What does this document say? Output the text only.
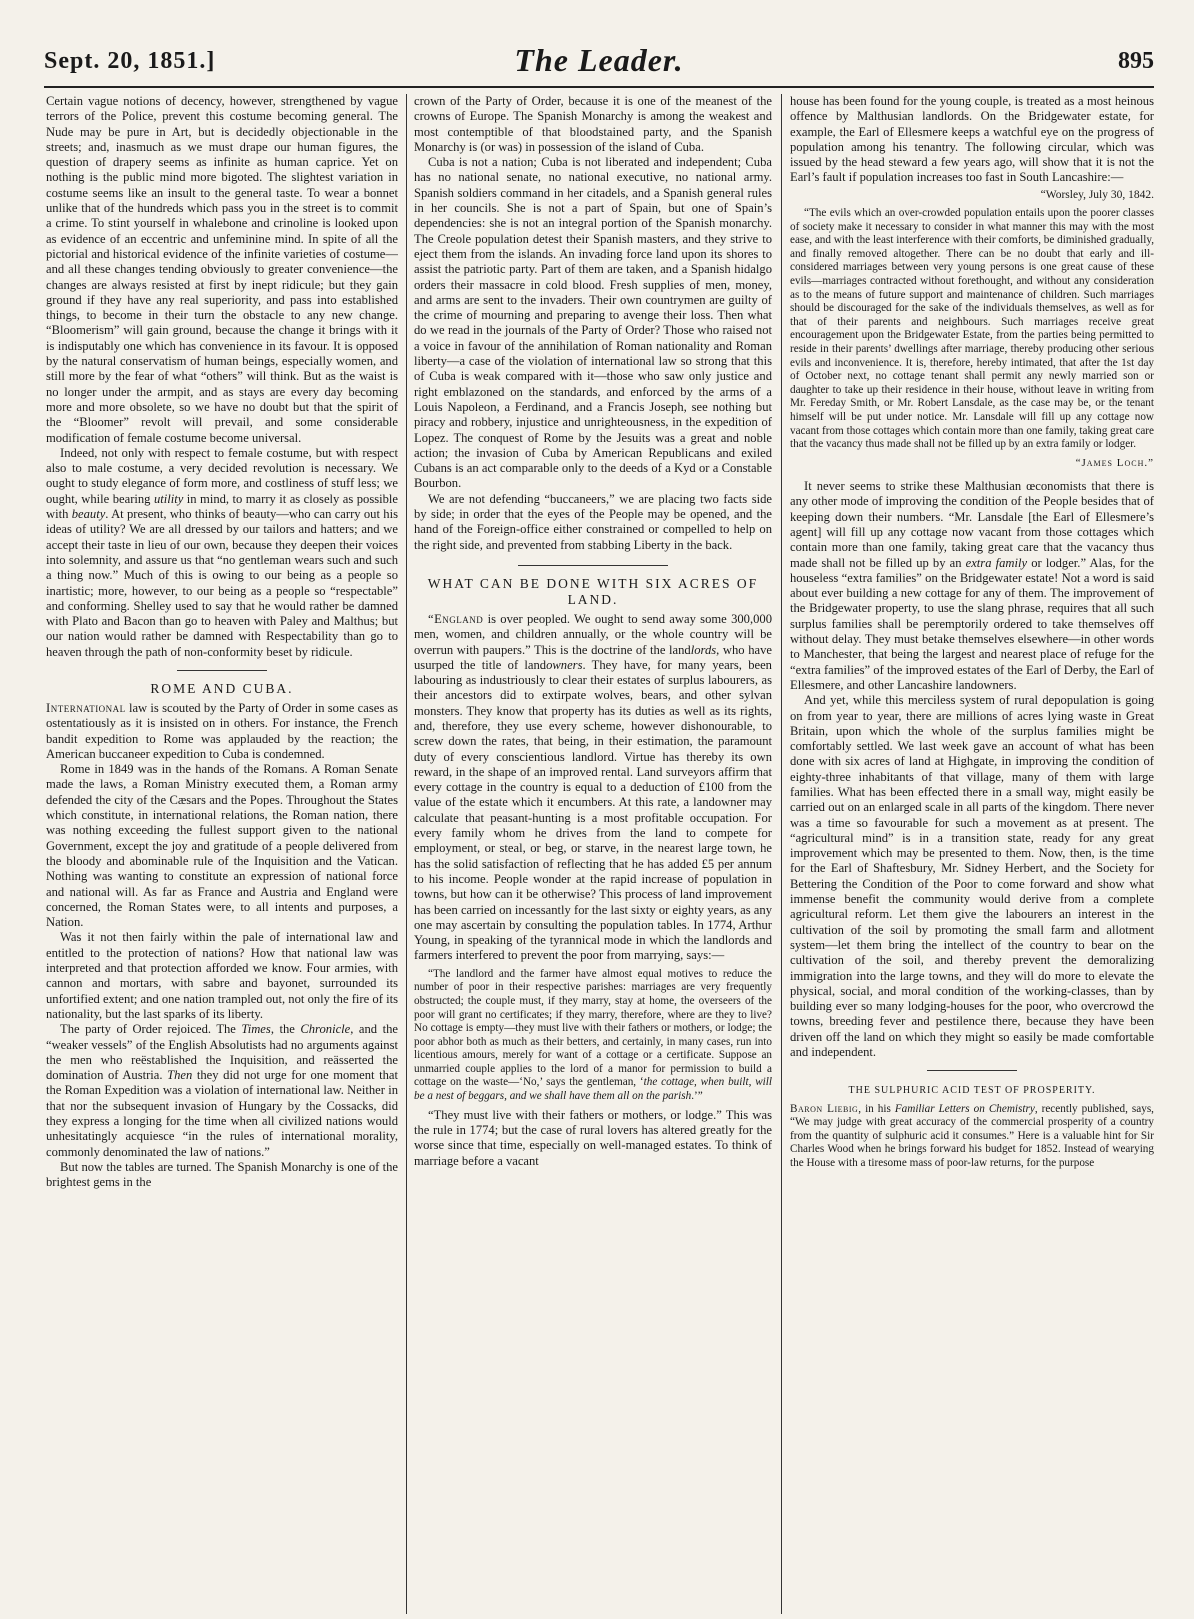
Sept. 20, 1851.]	The Leader.	895

Certain vague notions of decency, however, strengthened by vague terrors of the Police, prevent this costume becoming general. The Nude may be pure in Art, but is decidedly objectionable in the streets; and, inasmuch as we must drape our human figures, the question of drapery seems as infinite as human caprice. Yet on nothing is the public mind more bigoted. The slightest variation in costume seems like an insult to the general taste. To wear a bonnet unlike that of the hundreds which pass you in the street is to commit a crime. To stint yourself in whalebone and crinoline is looked upon as evidence of an eccentric and unfeminine mind. In spite of all the pictorial and historical evidence of the infinite varieties of costume—and all these changes tending obviously to greater convenience—the changes are always resisted at first by inept ridicule; but they gain ground if they have any real superiority, and pass into established things, to become in their turn the obstacle to any new change. “Bloomerism” will gain ground, because the change it brings with it is indisputably one which has convenience in its favour. It is opposed by the natural conservatism of human beings, especially women, and still more by the fear of what “others” will think. But as the waist is no longer under the armpit, and as stays are every day becoming more and more obsolete, so we have no doubt but that the spirit of the “Bloomer” revolt will prevail, and some considerable modification of female costume become universal.

Indeed, not only with respect to female costume, but with respect also to male costume, a very decided revolution is necessary. We ought to study elegance of form more, and costliness of stuff less; we ought, while bearing utility in mind, to marry it as closely as possible with beauty. At present, who thinks of beauty—who can carry out his ideas of utility? We are all dressed by our tailors and hatters; and we accept their taste in lieu of our own, because they deepen their voices into solemnity, and assure us that “no gentleman wears such and such a thing now.” Much of this is owing to our being as a people so inartistic; more, however, to our being as a people so “respectable” and conforming. Shelley used to say that he would rather be damned with Plato and Bacon than go to heaven with Paley and Malthus; but our nation would rather be damned with Respectability than go to heaven through the path of non-conformity beset by ridicule.

ROME AND CUBA.

International law is scouted by the Party of Order in some cases as ostentatiously as it is insisted on in others. For instance, the French bandit expedition to Rome was applauded by the reaction; the American buccaneer expedition to Cuba is condemned.

Rome in 1849 was in the hands of the Romans. A Roman Senate made the laws, a Roman Ministry executed them, a Roman army defended the city of the Cæsars and the Popes. Throughout the States which constitute, in international relations, the Roman nation, there was nothing exceeding the fullest support given to the national Government, except the joy and gratitude of a people delivered from the bloody and abominable rule of the Inquisition and the Vatican. Nothing was wanting to constitute an expression of national force and national will. As far as France and Austria and England were concerned, the Roman States were, to all intents and purposes, a Nation.

Was it not then fairly within the pale of international law and entitled to the protection of nations? How that national law was interpreted and that protection afforded we know. Four armies, with cannon and mortars, with sabre and bayonet, surrounded its unfortified extent; and one nation trampled out, not only the fire of its nationality, but the last sparks of its liberty.

The party of Order rejoiced. The Times, the Chronicle, and the “weaker vessels” of the English Absolutists had no arguments against the men who reëstablished the Inquisition, and reässerted the domination of Austria. Then they did not urge for one moment that the Roman Expedition was a violation of international law. Neither in that nor the subsequent invasion of Hungary by the Cossacks, did they express a longing for the time when all civilized nations would unhesitatingly acquiesce “in the rules of international morality, commonly denominated the law of nations.”

But now the tables are turned. The Spanish Monarchy is one of the brightest gems in the

crown of the Party of Order, because it is one of the meanest of the crowns of Europe. The Spanish Monarchy is among the weakest and most contemptible of that bloodstained party, and the Spanish Monarchy is (or was) in possession of the island of Cuba.

Cuba is not a nation; Cuba is not liberated and independent; Cuba has no national senate, no national executive, no national army. Spanish soldiers command in her citadels, and a Spanish general rules in her councils. She is not a part of Spain, but one of Spain’s dependencies: she is not an integral portion of the Spanish monarchy. The Creole population detest their Spanish masters, and they strive to eject them from the islands. An invading force land upon its shores to assist the patriotic party. Part of them are taken, and a Spanish hidalgo orders their massacre in cold blood. Fresh supplies of men, money, and arms are sent to the invaders. Their own countrymen are guilty of the crime of mourning and preparing to avenge their loss. Then what do we read in the journals of the Party of Order? Those who raised not a voice in favour of the annihilation of Roman nationality and Roman liberty—a case of the violation of international law so strong that this of Cuba is weak compared with it—those who saw only justice and right emblazoned on the standards, and enforced by the arms of a Louis Napoleon, a Ferdinand, and a Francis Joseph, see nothing but piracy and robbery, injustice and unrighteousness, in the expedition of Lopez. The conquest of Rome by the Jesuits was a great and noble action; the invasion of Cuba by American Republicans and exiled Cubans is an act comparable only to the deeds of a Kyd or a Constable Bourbon.

We are not defending “buccaneers,” we are placing two facts side by side; in order that the eyes of the People may be opened, and the hand of the Foreign-office either constrained or compelled to help on the right side, and prevented from stabbing Liberty in the back.

WHAT CAN BE DONE WITH SIX ACRES OF LAND.

“England is over peopled. We ought to send away some 300,000 men, women, and children annually, or the whole country will be overrun with paupers.” This is the doctrine of the landlords, who have usurped the title of landowners. They have, for many years, been labouring as industriously to clear their estates of surplus labourers, as their ancestors did to extirpate wolves, bears, and other sylvan monsters. They know that property has its duties as well as its rights, and, therefore, they use every scheme, however dishonourable, to screw down the rates, that being, in their estimation, the paramount duty of every conscientious landlord. Virtue has thereby its own reward, in the shape of an improved rental. Land surveyors affirm that every cottage in the country is equal to a deduction of £100 from the value of the estate which it encumbers. At this rate, a landowner may calculate that peasant-hunting is a most profitable occupation. For every family whom he drives from the land to compete for employment, or steal, or beg, or starve, in the nearest large town, he has the solid satisfaction of reflecting that he has added £5 per annum to his income. People wonder at the rapid increase of population in towns, but how can it be otherwise? This process of land improvement has been carried on incessantly for the last sixty or eighty years, as any one may ascertain by consulting the population tables. In 1774, Arthur Young, in speaking of the tyrannical mode in which the landlords and farmers interfered to prevent the poor from marrying, says:—

“The landlord and the farmer have almost equal motives to reduce the number of poor in their respective parishes: marriages are very frequently obstructed; the couple must, if they marry, stay at home, the overseers of the poor will grant no certificates; if they marry, therefore, where are they to live? No cottage is empty—they must live with their fathers or mothers, or lodge; the poor abhor both as much as their betters, and certainly, in many cases, run into licentious amours, merely for want of a cottage or a certificate. Suppose an unmarried couple applies to the lord of a manor for permission to build a cottage on the waste—‘No,’ says the gentleman, ‘the cottage, when built, will be a nest of beggars, and we shall have them all on the parish.’”

“They must live with their fathers or mothers, or lodge.” This was the rule in 1774; but the case of rural lovers has altered greatly for the worse since that time, especially on well-managed estates. To think of marriage before a vacant

house has been found for the young couple, is treated as a most heinous offence by Malthusian landlords. On the Bridgewater estate, for example, the Earl of Ellesmere keeps a watchful eye on the progress of population among his tenantry. The following circular, which was issued by the head steward a few years ago, will show that it is not the Earl’s fault if population increases too fast in South Lancashire:—

“Worsley, July 30, 1842.

“The evils which an over-crowded population entails upon the poorer classes of society make it necessary to consider in what manner this may with the most ease, and with the least interference with their comforts, be diminished gradually, and finally removed altogether. There can be no doubt that early and ill-considered marriages between very young persons is one great cause of these evils—marriages contracted without forethought, and without any consideration as to the means of future support and maintenance of children. Such marriages should be discouraged for the sake of the individuals themselves, as well as for that of their parents and neighbours. Such marriages receive great encouragement upon the Bridgewater Estate, from the parties being permitted to reside in their parents’ dwellings after marriage, thereby producing other serious evils and inconvenience. It is, therefore, hereby intimated, that after the 1st day of October next, no cottage tenant shall permit any newly married son or daughter to take up their residence in their house, without leave in writing from Mr. Fereday Smith, or Mr. Robert Lansdale, as the case may be, or the tenant himself will be put under notice. Mr. Lansdale will fill up any cottage now vacant from those cottages which contain more than one family, taking great care that the vacancy thus made shall not be filled up by an extra family or lodger.

“James Loch.”

It never seems to strike these Malthusian œconomists that there is any other mode of improving the condition of the People besides that of keeping down their numbers. “Mr. Lansdale [the Earl of Ellesmere’s agent] will fill up any cottage now vacant from those cottages which contain more than one family, taking great care that the vacancy thus made shall not be filled up by an extra family or lodger.” Alas, for the houseless “extra families” on the Bridgewater estate! Not a word is said about ever building a new cottage for any of them. The improvement of the Bridgewater property, to use the slang phrase, requires that all such surplus families shall be peremptorily ordered to take themselves off without delay. They must betake themselves elsewhere—in other words to Manchester, that being the largest and nearest place of refuge for the “extra families” of the improved estates of the Earl of Derby, the Earl of Ellesmere, and other Lancashire landowners.

And yet, while this merciless system of rural depopulation is going on from year to year, there are millions of acres lying waste in Great Britain, upon which the whole of the surplus families might be comfortably settled. We last week gave an account of what has been done with six acres of land at Highgate, in improving the condition of eighty-three inhabitants of that village, many of them with large families. What has been effected there in a small way, might easily be carried out on an enlarged scale in all parts of the kingdom. There never was a time so favourable for such a movement as at present. The “agricultural mind” is in a transition state, ready for any great improvement which may be presented to them. Now, then, is the time for the Earl of Shaftesbury, Mr. Sidney Herbert, and the Society for Bettering the Condition of the Poor to come forward and show what immense benefit the community would derive from a complete agricultural reform. Let them give the labourers an interest in the cultivation of the soil by promoting the small farm and allotment system—let them bring the intellect of the country to bear on the cultivation of the soil, and thereby prevent the demoralizing immigration into the large towns, and they will do more to elevate the physical, social, and moral condition of the working-classes, than by building ever so many lodging-houses for the poor, who overcrowd the towns, breeding fever and pestilence there, because they have been driven off the land on which they might so easily be made comfortable and independent.

THE SULPHURIC ACID TEST OF PROSPERITY.

Baron Liebig, in his Familiar Letters on Chemistry, recently published, says, “We may judge with great accuracy of the commercial prosperity of a country from the quantity of sulphuric acid it consumes.” Here is a valuable hint for Sir Charles Wood when he brings forward his budget for 1852. Instead of wearying the House with a tiresome mass of poor-law returns, for the purpose
